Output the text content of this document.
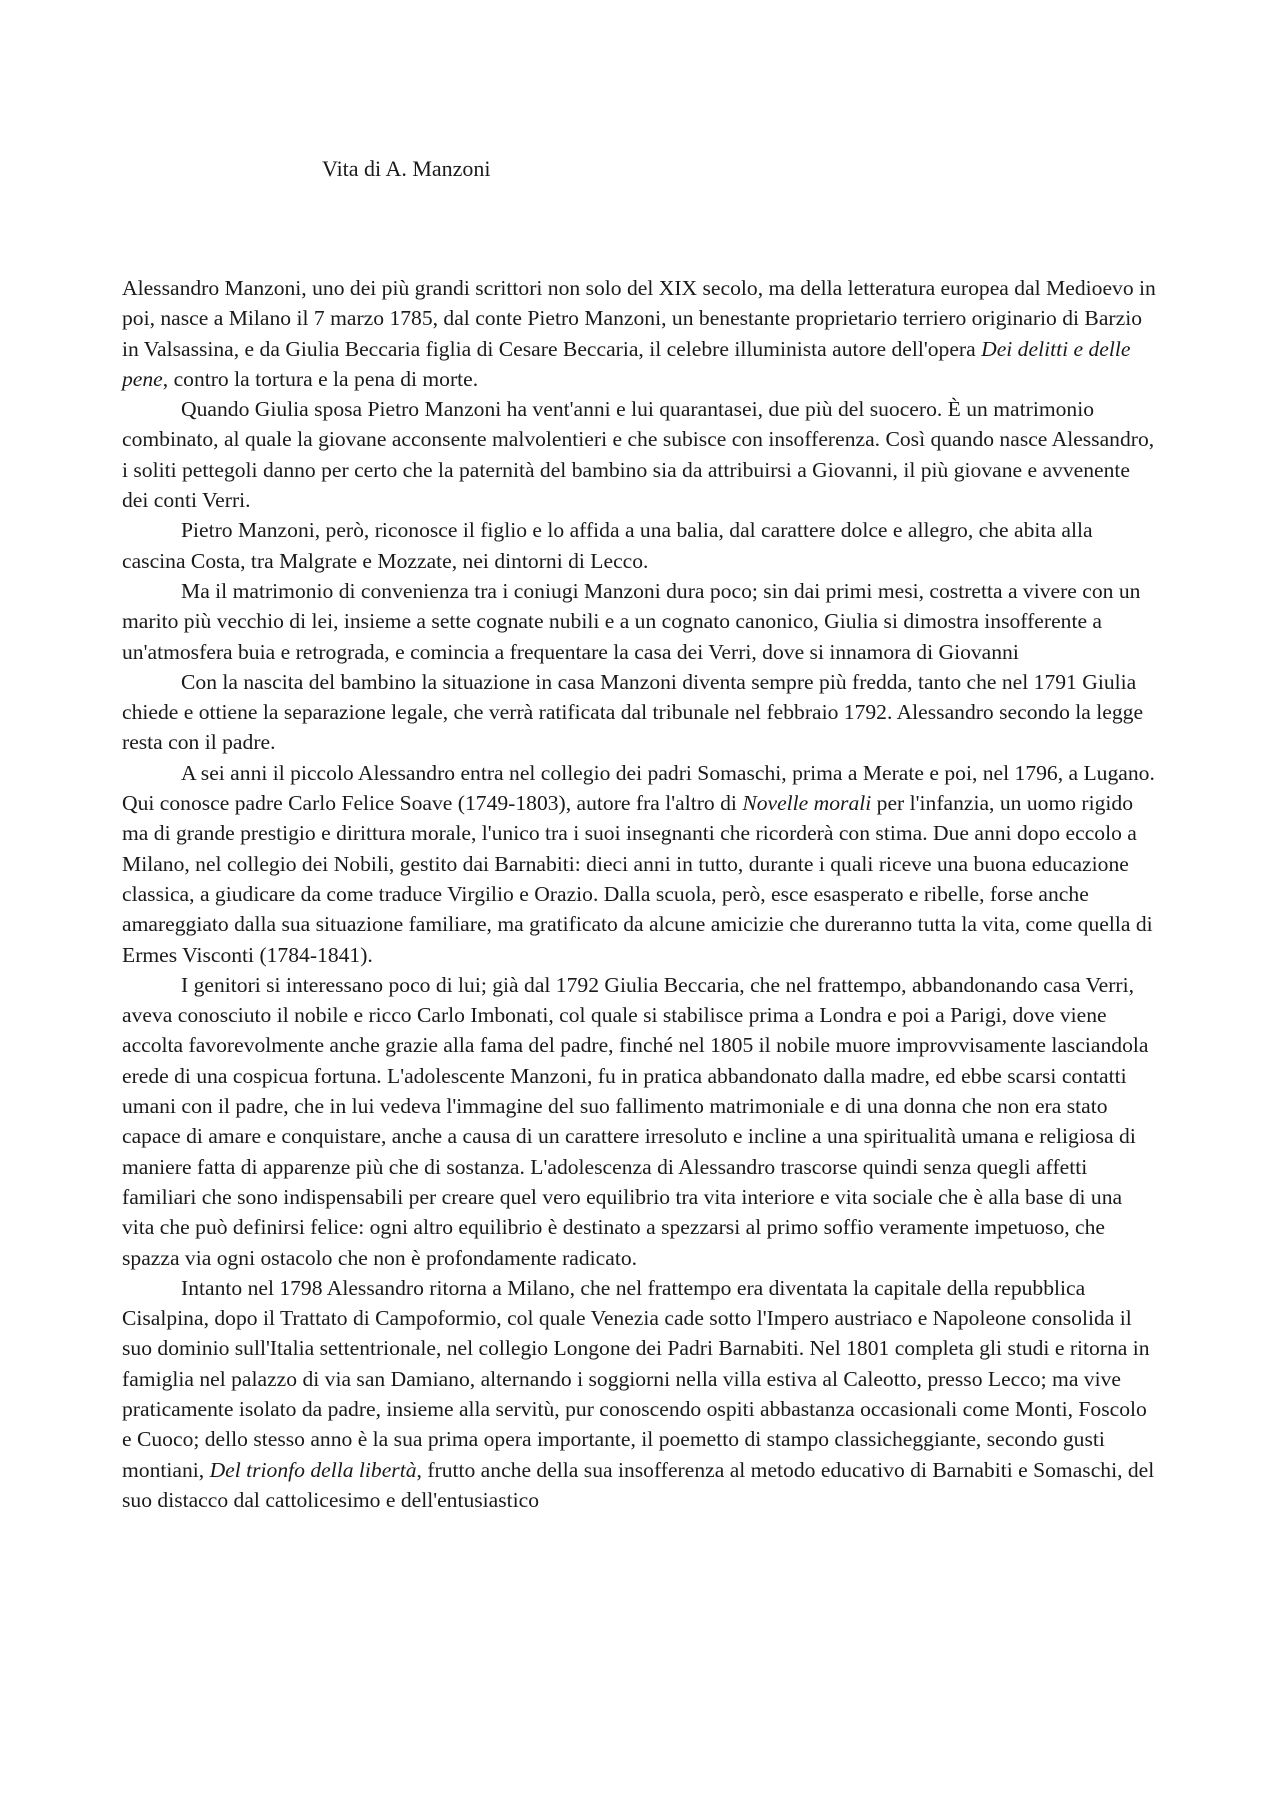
Vita di A. Manzoni

Alessandro Manzoni, uno dei più grandi scrittori non solo del XIX secolo, ma della letteratura europea dal Medioevo in poi, nasce a Milano il 7 marzo 1785, dal conte Pietro Manzoni, un benestante proprietario terriero originario di Barzio in Valsassina, e da Giulia Beccaria figlia di Cesare Beccaria, il celebre illuminista autore dell'opera Dei delitti e delle pene, contro la tortura e la pena di morte.

Quando Giulia sposa Pietro Manzoni ha vent'anni e lui quarantasei, due più del suocero. È un matrimonio combinato, al quale la giovane acconsente malvolentieri e che subisce con insofferenza. Così quando nasce Alessandro, i soliti pettegoli danno per certo che la paternità del bambino sia da attribuirsi a Giovanni, il più giovane e avvenente dei conti Verri.

Pietro Manzoni, però, riconosce il figlio e lo affida a una balia, dal carattere dolce e allegro, che abita alla cascina Costa, tra Malgrate e Mozzate, nei dintorni di Lecco.

Ma il matrimonio di convenienza tra i coniugi Manzoni dura poco; sin dai primi mesi, costretta a vivere con un marito più vecchio di lei, insieme a sette cognate nubili e a un cognato canonico, Giulia si dimostra insofferente a un'atmosfera buia e retrograda, e comincia a frequentare la casa dei Verri, dove si innamora di Giovanni

Con la nascita del bambino la situazione in casa Manzoni diventa sempre più fredda, tanto che nel 1791 Giulia chiede e ottiene la separazione legale, che verrà ratificata dal tribunale nel febbraio 1792. Alessandro secondo la legge resta con il padre.

A sei anni il piccolo Alessandro entra nel collegio dei padri Somaschi, prima a Merate e poi, nel 1796, a Lugano. Qui conosce padre Carlo Felice Soave (1749-1803), autore fra l'altro di Novelle morali per l'infanzia, un uomo rigido ma di grande prestigio e dirittura morale, l'unico tra i suoi insegnanti che ricorderà con stima. Due anni dopo eccolo a Milano, nel collegio dei Nobili, gestito dai Barnabiti: dieci anni in tutto, durante i quali riceve una buona educazione classica, a giudicare da come traduce Virgilio e Orazio. Dalla scuola, però, esce esasperato e ribelle, forse anche amareggiato dalla sua situazione familiare, ma gratificato da alcune amicizie che dureranno tutta la vita, come quella di Ermes Visconti (1784-1841).

I genitori si interessano poco di lui; già dal 1792 Giulia Beccaria, che nel frattempo, abbandonando casa Verri, aveva conosciuto il nobile e ricco Carlo Imbonati, col quale si stabilisce prima a Londra e poi a Parigi, dove viene accolta favorevolmente anche grazie alla fama del padre, finché nel 1805 il nobile muore improvvisamente lasciandola erede di una cospicua fortuna. L'adolescente Manzoni, fu in pratica abbandonato dalla madre, ed ebbe scarsi contatti umani con il padre, che in lui vedeva l'immagine del suo fallimento matrimoniale e di una donna che non era stato capace di amare e conquistare, anche a causa di un carattere irresoluto e incline a una spiritualità umana e religiosa di maniere fatta di apparenze più che di sostanza. L'adolescenza di Alessandro trascorse quindi senza quegli affetti familiari che sono indispensabili per creare quel vero equilibrio tra vita interiore e vita sociale che è alla base di una vita che può definirsi felice: ogni altro equilibrio è destinato a spezzarsi al primo soffio veramente impetuoso, che spazza via ogni ostacolo che non è profondamente radicato.

Intanto nel 1798 Alessandro ritorna a Milano, che nel frattempo era diventata la capitale della repubblica Cisalpina, dopo il Trattato di Campoformio, col quale Venezia cade sotto l'Impero austriaco e Napoleone consolida il suo dominio sull'Italia settentrionale, nel collegio Longone dei Padri Barnabiti. Nel 1801 completa gli studi e ritorna in famiglia nel palazzo di via san Damiano, alternando i soggiorni nella villa estiva al Caleotto, presso Lecco; ma vive praticamente isolato da padre, insieme alla servitù, pur conoscendo ospiti abbastanza occasionali come Monti, Foscolo e Cuoco; dello stesso anno è la sua prima opera importante, il poemetto di stampo classicheggiante, secondo gusti montiani, Del trionfo della libertà, frutto anche della sua insofferenza al metodo educativo di Barnabiti e Somaschi, del suo distacco dal cattolicesimo e dell'entusiastico
